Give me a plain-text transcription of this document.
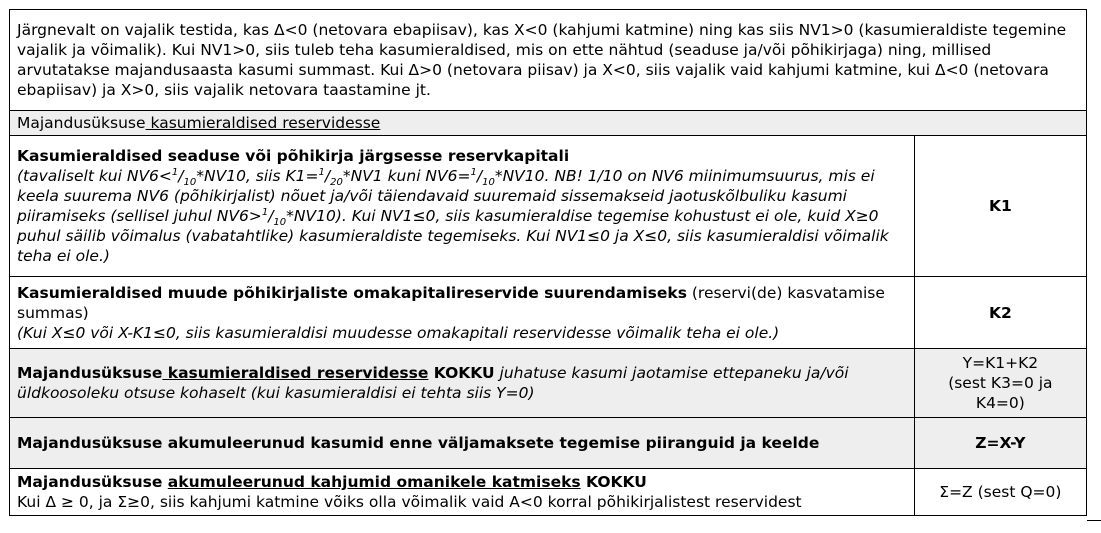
Järgnevalt on vajalik testida, kas Δ<0 (netovara ebapiisav), kas X<0 (kahjumi katmine) ning kas siis NV1>0 (kasumieraldiste tegemine vajalik ja võimalik). Kui NV1>0, siis tuleb teha kasumieraldised, mis on ette nähtud (seaduse ja/või põhikirjaga) ning, millised arvutatakse majandusaasta kasumi summast. Kui Δ>0 (netovara piisav) ja X<0, siis vajalik vaid kahjumi katmine, kui Δ<0 (netovara ebapiisav) ja X>0, siis vajalik netovara taastamine jt.	
Majandusüksuse kasumieraldised reservidesse	

Kasumieraldised seaduse või põhikirja järgsesse reservkapitali
(tavaliselt kui $NV6<^1/_{10}*NV10$, siis $K1=^1/_{20}*NV1$ kuni $NV6=^1/_{10}*NV10$. NB! 1/10 on NV6 miinimumsuurus, mis ei keela suurema NV6 (põhikirjalist) nõuet ja/või täiendavaid suuremaid sissemakseid jaotuskõlbuliku kasumi piiramiseks (sellisel juhul $NV6>^1/_{10}*NV10$). Kui NV1≤0, siis kasumieraldise tegemise kohustust ei ole, kuid X≥0 puhul säilib võimalus (vabatahtlike) kasumieraldiste tegemiseks. Kui NV1≤0 ja X≤0, siis kasumieraldisi võimalik teha ei ole.)	K1

Kasumieraldised muude põhikirjaliste omakapitalireservide suurendamiseks (reservi(de) kasvatamise summas)
(Kui X≤0 või X-K1≤0, siis kasumieraldisi muudesse omakapitali reservidesse võimalik teha ei ole.)	K2
Majandusüksuse kasumieraldised reservidesse KOKKU juhatuse kasumi jaotamise ettepaneku ja/või üldkoosoleku otsuse kohaselt (kui kasumieraldisi ei tehta siis Y=0)	Y=K1+K2
(sest K3=0 ja K4=0)

Majandusüksuse akumuleerunud kasumid enne väljamaksete tegemise piiranguid ja keelde	Z=X-Y

Majandusüksuse akumuleerunud kahjumid omanikele katmiseks KOKKU
Kui Δ ≥ 0, ja Σ≥0, siis kahjumi katmine võiks olla võimalik vaid A<0 korral põhikirjalistest reservidest	Σ=Z (sest Q=0)
